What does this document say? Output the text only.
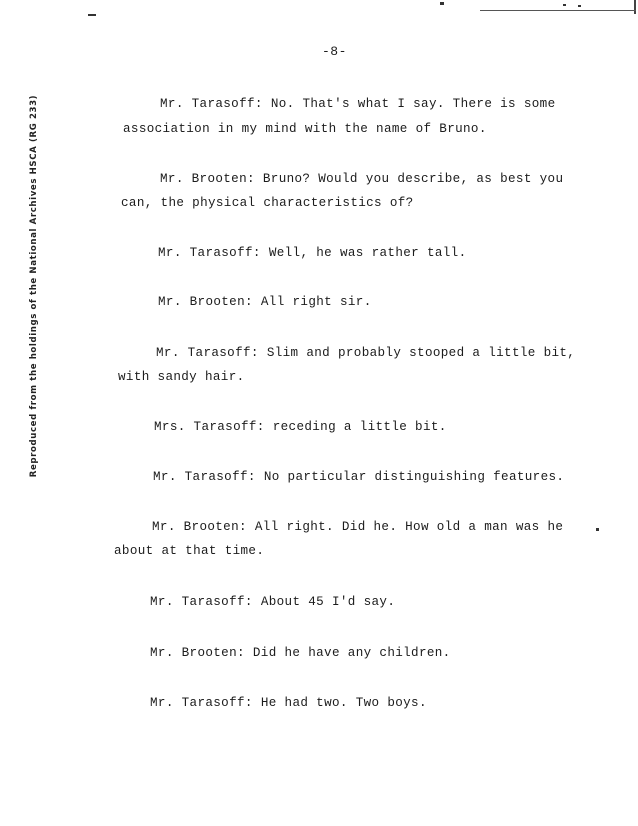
-8-
Reproduced from the holdings of the National Archives HSCA (RG 233)	Mr. Tarasoff: No. That's what I say. There is some
association in my mind with the name of Bruno.
Mr. Brooten: Bruno? Would you describe, as best you
can, the physical characteristics of?
Mr. Tarasoff: Well, he was rather tall.
Mr. Brooten: All right sir.
Mr. Tarasoff: Slim and probably stooped a little bit,
with sandy hair.
Mrs. Tarasoff: receding a little bit.
Mr. Tarasoff: No particular distinguishing features.
Mr. Brooten: All right. Did he. How old a man was he
about at that time.
Mr. Tarasoff: About 45 I'd say.
Mr. Brooten: Did he have any children.
Mr. Tarasoff: He had two. Two boys.
